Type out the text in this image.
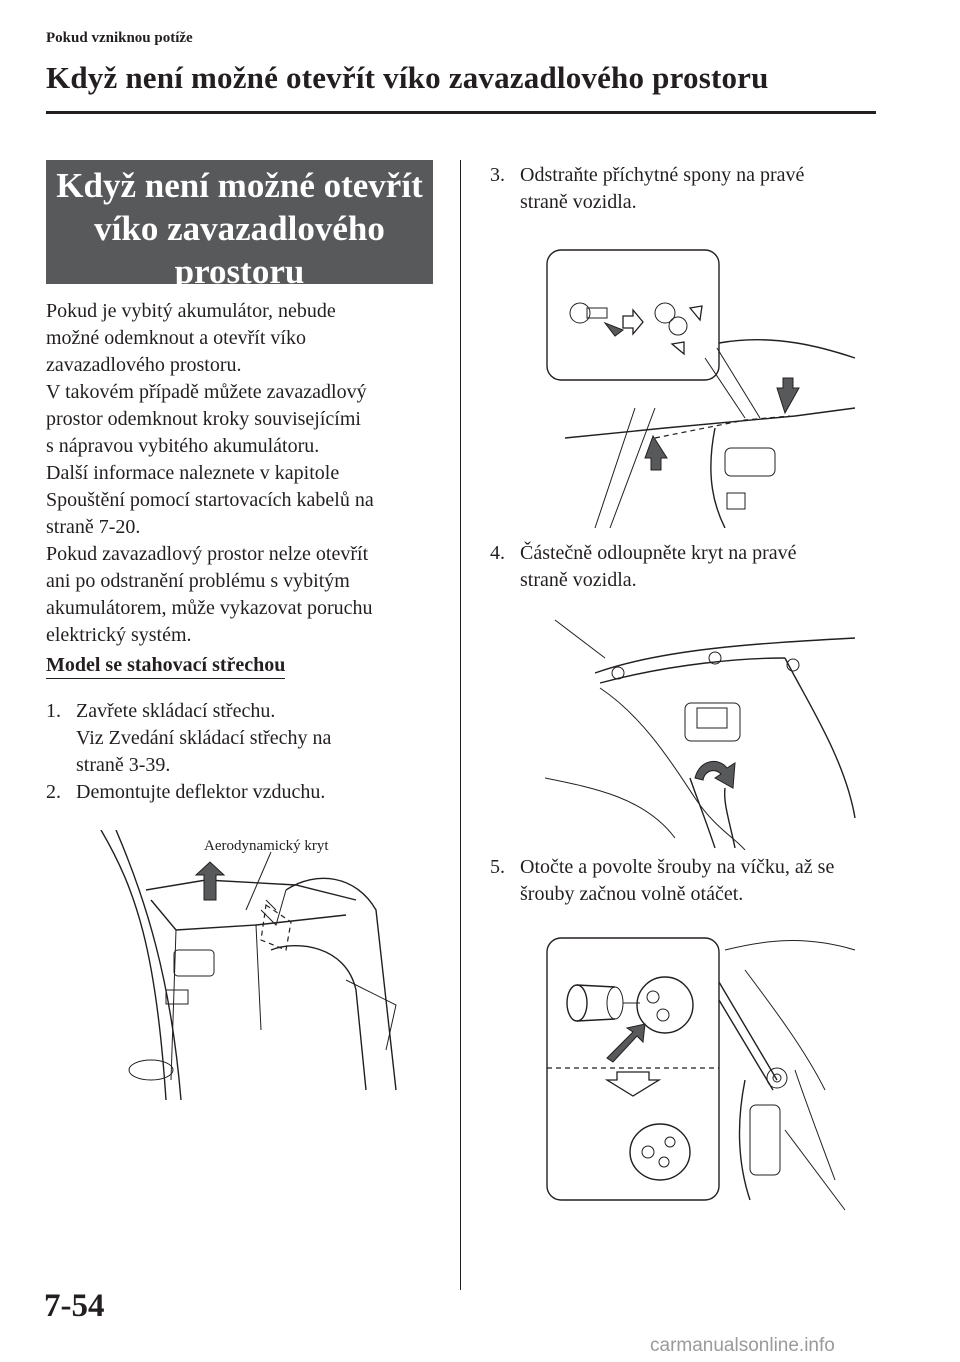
Pokud vzniknou potíže
Když není možné otevřít víko zavazadlového prostoru
Když není možné otevřít
víko zavazadlového
prostoru

Pokud je vybitý akumulátor, nebude

možné odemknout a otevřít víko

zavazadlového prostoru.

V takovém případě můžete zavazadlový

prostor odemknout kroky souvisejícími

s nápravou vybitého akumulátoru.

Další informace naleznete v kapitole

Spouštění pomocí startovacích kabelů na

straně 7-20.

Pokud zavazadlový prostor nelze otevřít

ani po odstranění problému s vybitým

akumulátorem, může vykazovat poruchu

elektrický systém.

Model se stahovací střechou
1. Zavřete skládací střechu.
Viz Zvedání skládací střechy na
straně 3-39.
2. Demontujte deflektor vzduchu.
Aerodynamický kryt
3. Odstraňte příchytné spony na pravé
straně vozidla.
4. Částečně odloupněte kryt na pravé
straně vozidla.
5. Otočte a povolte šrouby na víčku, až se
šrouby začnou volně otáčet.
7-54
carmanualsonline.info
